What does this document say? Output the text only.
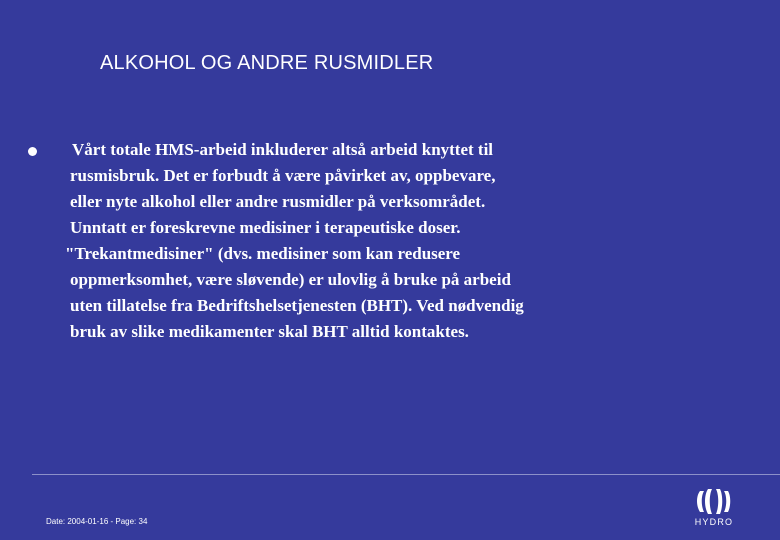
ALKOHOL OG ANDRE RUSMIDLER
Vårt totale HMS-arbeid inkluderer altså arbeid knyttet til
rusmisbruk. Det er forbudt å være påvirket av, oppbevare,
eller nyte alkohol eller andre rusmidler på verksområdet.
Unntatt er foreskrevne medisiner i terapeutiske doser.
"Trekantmedisiner" (dvs. medisiner som kan redusere
oppmerksomhet, være sløvende) er ulovlig å bruke på arbeid
uten tillatelse fra Bedriftshelsetjenesten (BHT). Ved nødvendig
bruk av slike medikamenter skal BHT alltid kontaktes.
Date: 2004-01-16 - Page: 34	HYDRO
